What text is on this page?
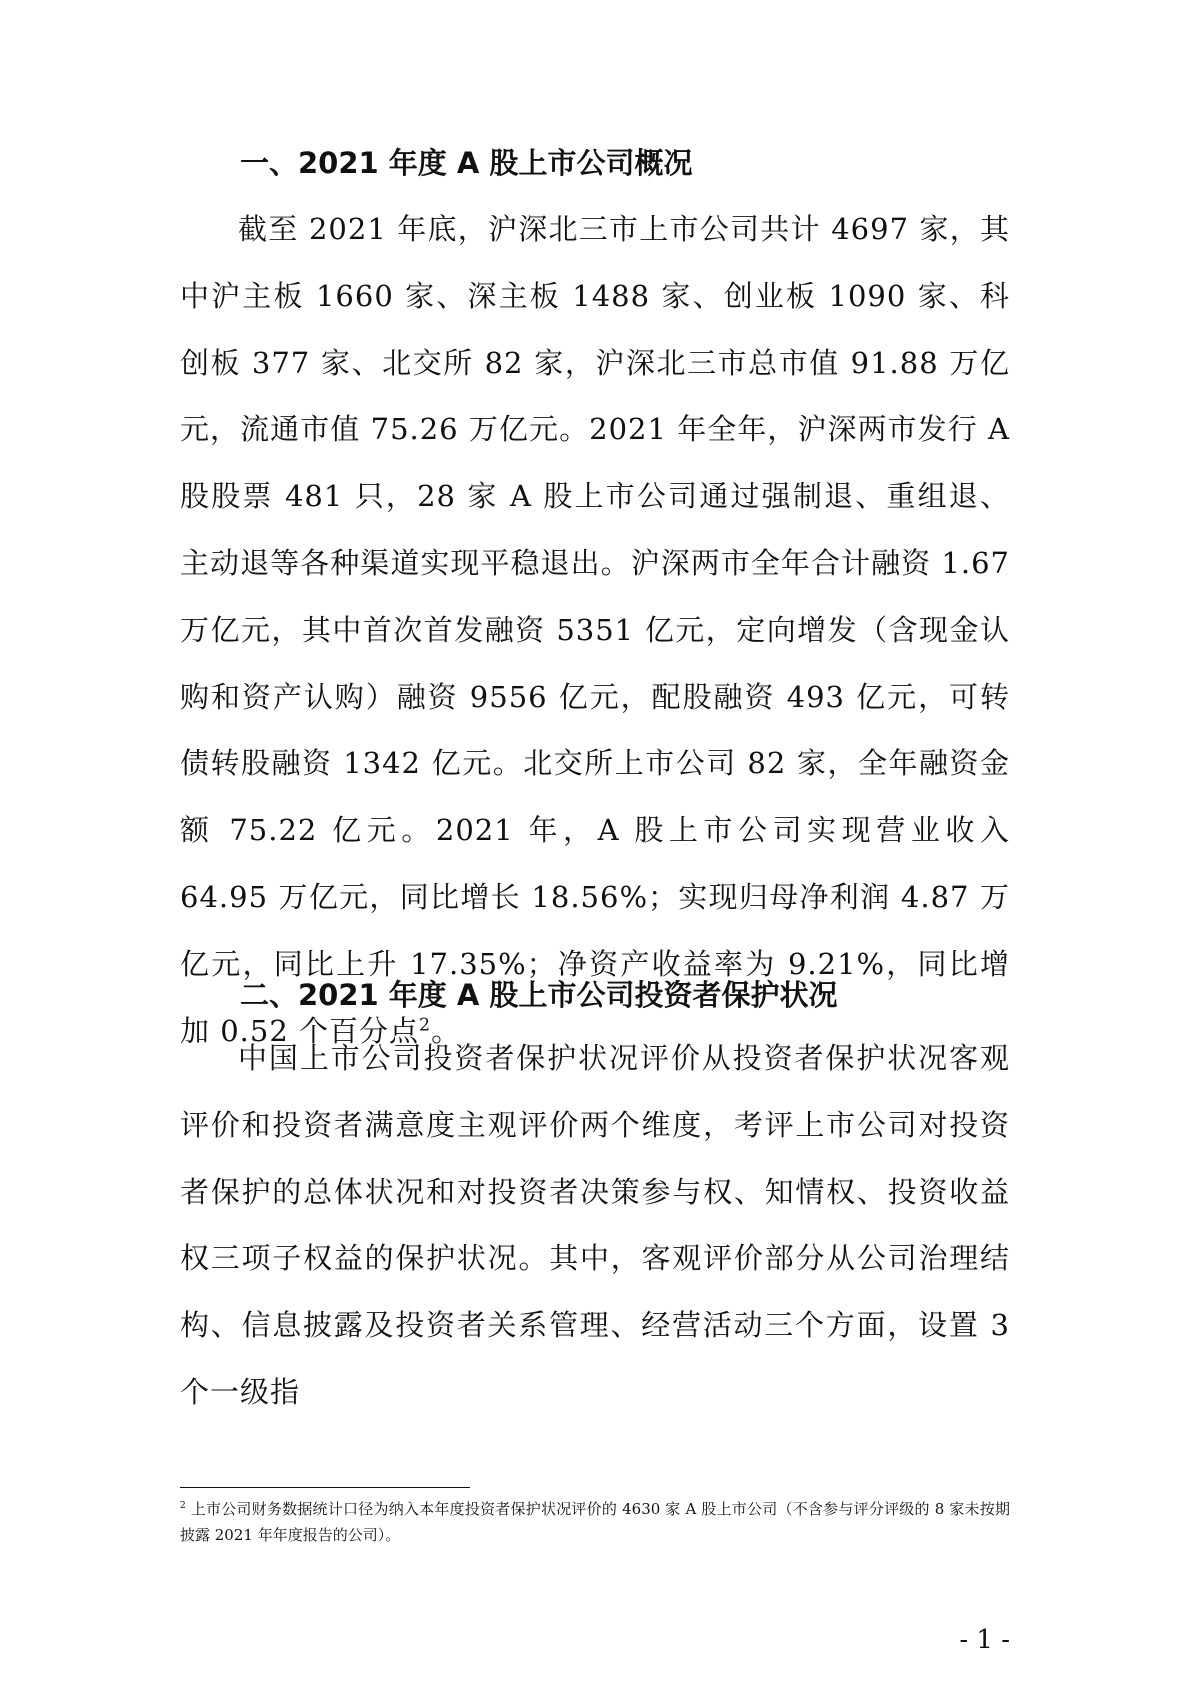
一、2021 年度 A 股上市公司概况

截至 2021 年底，沪深北三市上市公司共计 4697 家，其中沪主板 1660 家、深主板 1488 家、创业板 1090 家、科创板 377 家、北交所 82 家，沪深北三市总市值 91.88 万亿元，流通市值 75.26 万亿元。2021 年全年，沪深两市发行 A 股股票 481 只，28 家 A 股上市公司通过强制退、重组退、主动退等各种渠道实现平稳退出。沪深两市全年合计融资 1.67 万亿元，其中首次首发融资 5351 亿元，定向增发（含现金认购和资产认购）融资 9556 亿元，配股融资 493 亿元，可转债转股融资 1342 亿元。北交所上市公司 82 家，全年融资金额 75.22 亿元。2021 年，A 股上市公司实现营业收入 64.95 万亿元，同比增长 18.56%；实现归母净利润 4.87 万亿元，同比上升 17.35%；净资产收益率为 9.21%，同比增加 0.52 个百分点$^2$。

二、2021 年度 A 股上市公司投资者保护状况

中国上市公司投资者保护状况评价从投资者保护状况客观评价和投资者满意度主观评价两个维度，考评上市公司对投资者保护的总体状况和对投资者决策参与权、知情权、投资收益权三项子权益的保护状况。其中，客观评价部分从公司治理结构、信息披露及投资者关系管理、经营活动三个方面，设置 3 个一级指

$^2$ 上市公司财务数据统计口径为纳入本年度投资者保护状况评价的 4630 家 A 股上市公司（不含参与评分评级的 8 家未按期披露 2021 年年度报告的公司）。

- 1 -
